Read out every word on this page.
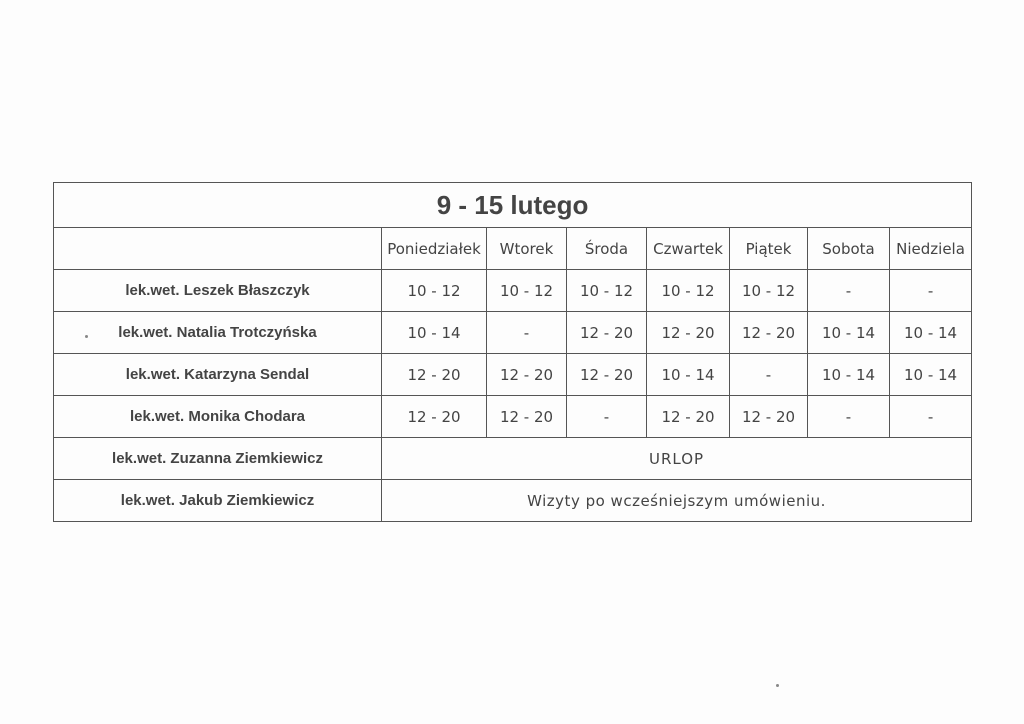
9 - 15 lutego							
	Poniedziałek	Wtorek	Środa	Czwartek	Piątek	Sobota	Niedziela
lek.wet. Leszek Błaszczyk	10 - 12	10 - 12	10 - 12	10 - 12	10 - 12	-	-
lek.wet. Natalia Trotczyńska	10 - 14	-	12 - 20	12 - 20	12 - 20	10 - 14	10 - 14
lek.wet. Katarzyna Sendal	12 - 20	12 - 20	12 - 20	10 - 14	-	10 - 14	10 - 14
lek.wet. Monika Chodara	12 - 20	12 - 20	-	12 - 20	12 - 20	-	-
lek.wet. Zuzanna Ziemkiewicz	URLOP						
lek.wet. Jakub Ziemkiewicz	Wizyty po wcześniejszym umówieniu.						
